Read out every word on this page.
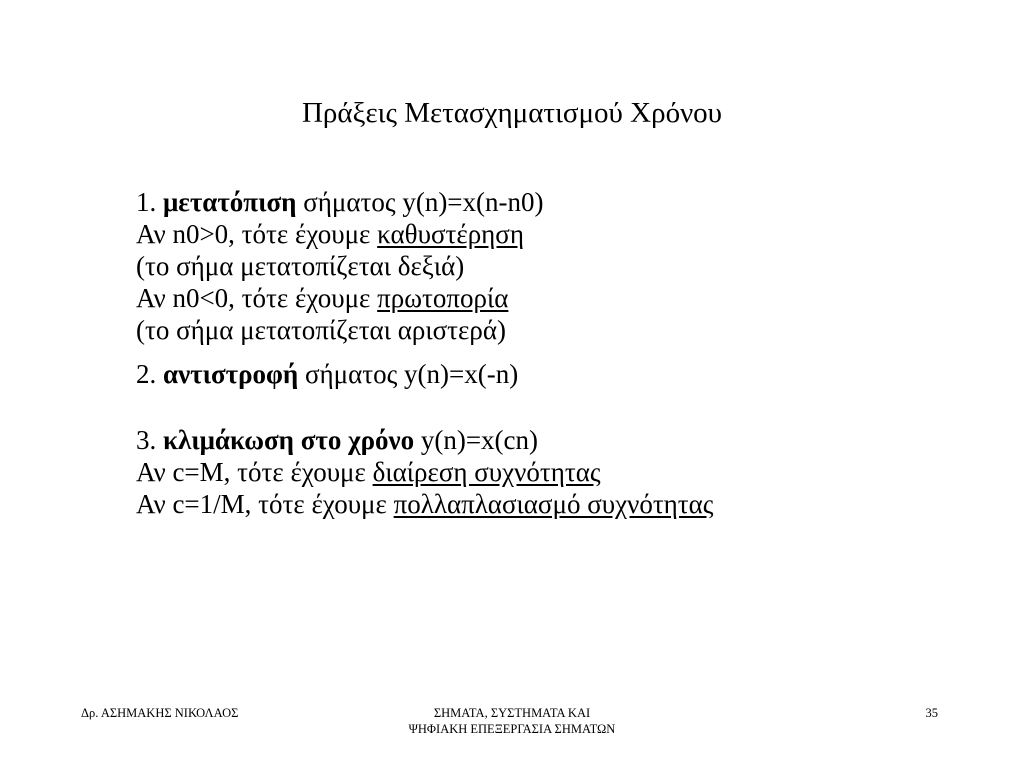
Πράξεις Μετασχηματισμού Χρόνου
1. μετατόπιση σήματος y(n)=x(n-n0)
Αν n0>0, τότε έχουμε καθυστέρηση
(το σήμα μετατοπίζεται δεξιά)
Αν n0<0, τότε έχουμε πρωτοπορία
(το σήμα μετατοπίζεται αριστερά)
2. αντιστροφή σήματος y(n)=x(-n)
3. κλιμάκωση στο χρόνο y(n)=x(cn)
Αν c=M, τότε έχουμε διαίρεση συχνότητας
Αν c=1/M, τότε έχουμε πολλαπλασιασμό συχνότητας
Δρ. ΑΣΗΜΑΚΗΣ ΝΙΚΟΛΑΟΣ	ΣΗΜΑΤΑ, ΣΥΣΤΗΜΑΤΑ ΚΑΙ
ΨΗΦΙΑΚΗ ΕΠΕΞΕΡΓΑΣΙΑ ΣΗΜΑΤΩΝ
35
